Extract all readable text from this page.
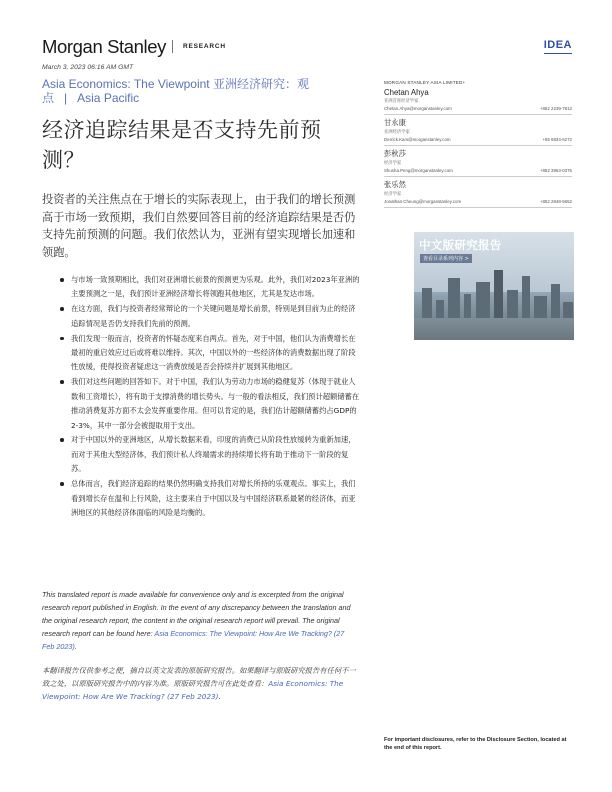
Morgan Stanley	RESEARCH	IDEA
March 3, 2023 06:16 AM GMT
Asia Economics: The Viewpoint 亚洲经济研究：观点 | Asia Pacific
经济追踪结果是否支持先前预测？

投资者的关注焦点在于增长的实际表现上，由于我们的增长预测高于市场一致预期，我们自然要回答目前的经济追踪结果是否仍支持先前预测的问题。我们依然认为，亚洲有望实现增长加速和领跑。

与市场一致预期相比，我们对亚洲增长前景的预测更为乐观。此外，我们对2023年亚洲的主要预测之一是，我们预计亚洲经济增长将领跑其他地区，尤其是发达市场。
在这方面，我们与投资者经常辩论的一个关键问题是增长前景，特别是到目前为止的经济追踪情况是否仍支持我们先前的预测。
我们发现一般而言，投资者的怀疑态度来自两点。首先，对于中国，他们认为消费增长在最初的重启效应过后或将难以维持。其次，中国以外的一些经济体的消费数据出现了阶段性放缓，使得投资者疑虑这一消费放缓是否会持续并扩展到其他地区。
我们对这些问题的回答如下。对于中国，我们认为劳动力市场的稳健复苏（体现于就业人数和工资增长），将有助于支撑消费的增长势头。与一般的看法相反，我们预计超额储蓄在推动消费复苏方面不太会发挥重要作用。但可以肯定的是，我们估计超额储蓄约占GDP的2-3%，其中一部分会被提取用于支出。
对于中国以外的亚洲地区，从增长数据来看，印度的消费已从阶段性放缓转为重新加速，而对于其他大型经济体，我们预计私人终端需求的持续增长将有助于推动下一阶段的复苏。
总体而言，我们经济追踪的结果仍然明确支持我们对增长所持的乐观观点。事实上，我们看到增长存在温和上行风险，这主要来自于中国以及与中国经济联系最紧的经济体，而亚洲地区的其他经济体面临的风险是均衡的。

This translated report is made available for convenience only and is excerpted from the original research report published in English. In the event of any discrepancy between the translation and the original research report, the content in the original research report will prevail. The original research report can be found here: Asia Economics: The Viewpoint: How Are We Tracking? (27 Feb 2023).

本翻译报告仅供参考之便，摘自以英文发表的原版研究报告。如果翻译与原版研究报告有任何不一致之处，以原版研究报告中的内容为准。原版研究报告可在此处查看：Asia Economics: The Viewpoint: How Are We Tracking? (27 Feb 2023).

MORGAN STANLEY ASIA LIMITED+
Chetan Ahya
亚洲首席经济学家
Chetan.Ahya@morganstanley.com	+852 2239-7812
甘永康
亚洲经济学家
Derrick.Kam@morganstanley.com	+65 6834-6272
彭秋莎
经济学家
Shusha.Peng@morganstanley.com	+852 3963-0376
张乐然
经济学家
Jonathan.Cheung@morganstanley.com	+852 2848-5652
中文版研究报告
查看目录系列内容 >
For important disclosures, refer to the Disclosure Section, located at the end of this report.
